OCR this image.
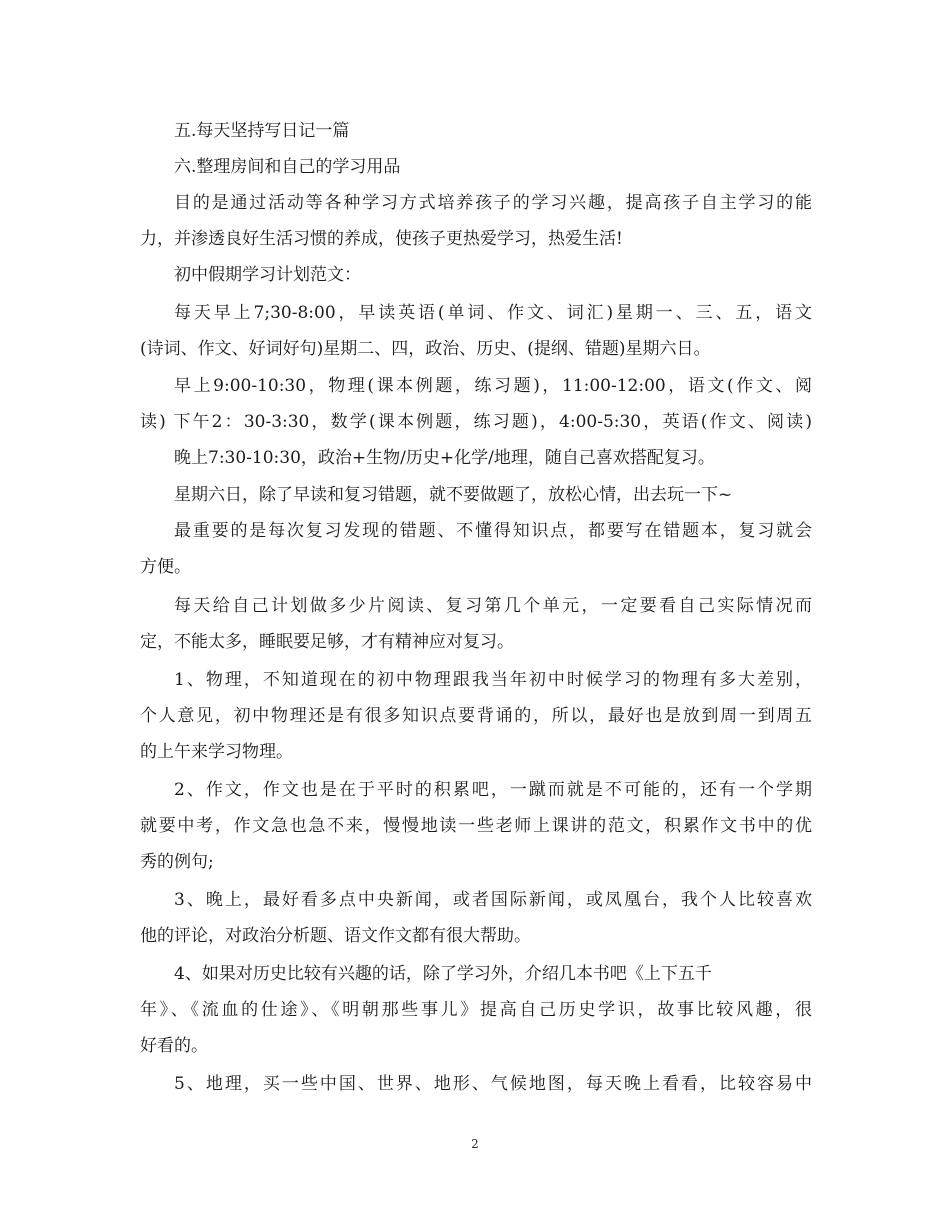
五.每天坚持写日记一篇
六.整理房间和自己的学习用品
目的是通过活动等各种学习方式培养孩子的学习兴趣，提高孩子自主学习的能
力，并渗透良好生活习惯的养成，使孩子更热爱学习，热爱生活!
初中假期学习计划范文：
每天早上7;30-8:00，早读英语(单词、作文、词汇)星期一、三、五，语文
(诗词、作文、好词好句)星期二、四，政治、历史、(提纲、错题)星期六日。
早上9:00-10:30，物理(课本例题，练习题)，11:00-12:00，语文(作文、阅
读) 下午2：30-3:30，数学(课本例题，练习题)，4:00-5:30，英语(作文、阅读)
晚上7:30-10:30，政治+生物/历史+化学/地理，随自己喜欢搭配复习。
星期六日，除了早读和复习错题，就不要做题了，放松心情，出去玩一下~
最重要的是每次复习发现的错题、不懂得知识点，都要写在错题本，复习就会
方便。
每天给自己计划做多少片阅读、复习第几个单元，一定要看自己实际情况而
定，不能太多，睡眠要足够，才有精神应对复习。
1、物理，不知道现在的初中物理跟我当年初中时候学习的物理有多大差别，
个人意见，初中物理还是有很多知识点要背诵的，所以，最好也是放到周一到周五
的上午来学习物理。
2、作文，作文也是在于平时的积累吧，一蹴而就是不可能的，还有一个学期
就要中考，作文急也急不来，慢慢地读一些老师上课讲的范文，积累作文书中的优
秀的例句;
3、晚上，最好看多点中央新闻，或者国际新闻，或凤凰台，我个人比较喜欢
他的评论，对政治分析题、语文作文都有很大帮助。
4、如果对历史比较有兴趣的话，除了学习外，介绍几本书吧《上下五千
年》、《流血的仕途》、《明朝那些事儿》提高自己历史学识，故事比较风趣，很
好看的。
5、地理，买一些中国、世界、地形、气候地图，每天晚上看看，比较容易中
2
